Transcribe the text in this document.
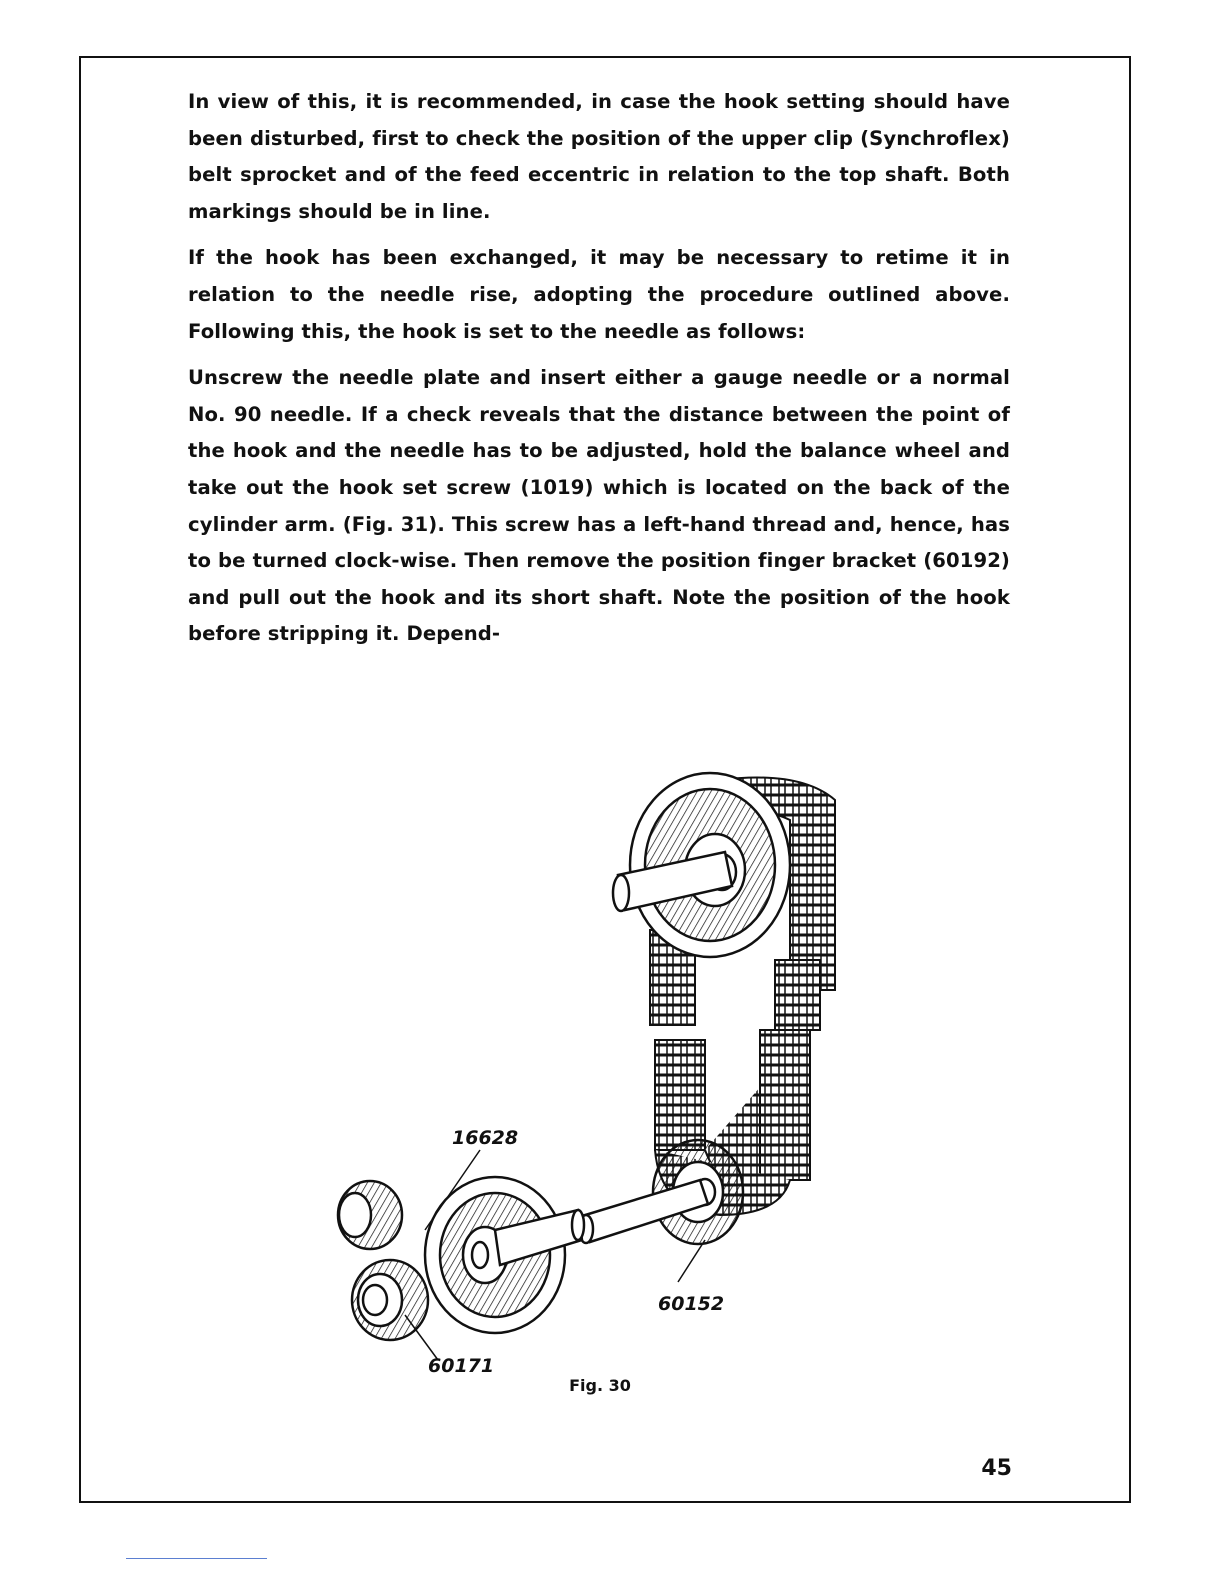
In view of this, it is recommended, in case the hook setting should have been disturbed, first to check the position of the upper clip (Synchroflex) belt sprocket and of the feed eccentric in relation to the top shaft. Both markings should be in line.

If the hook has been exchanged, it may be necessary to retime it in relation to the needle rise, adopting the procedure outlined above. Following this, the hook is set to the needle as follows:

Unscrew the needle plate and insert either a gauge needle or a normal No. 90 needle. If a check reveals that the distance between the point of the hook and the needle has to be adjusted, hold the balance wheel and take out the hook set screw (1019) which is located on the back of the cylinder arm. (Fig. 31). This screw has a left-hand thread and, hence, has to be turned clock-wise. Then remove the position finger bracket (60192) and pull out the hook and its short shaft. Note the position of the hook before stripping it. Depend-

16628
60171
60152
Fig. 30
45
